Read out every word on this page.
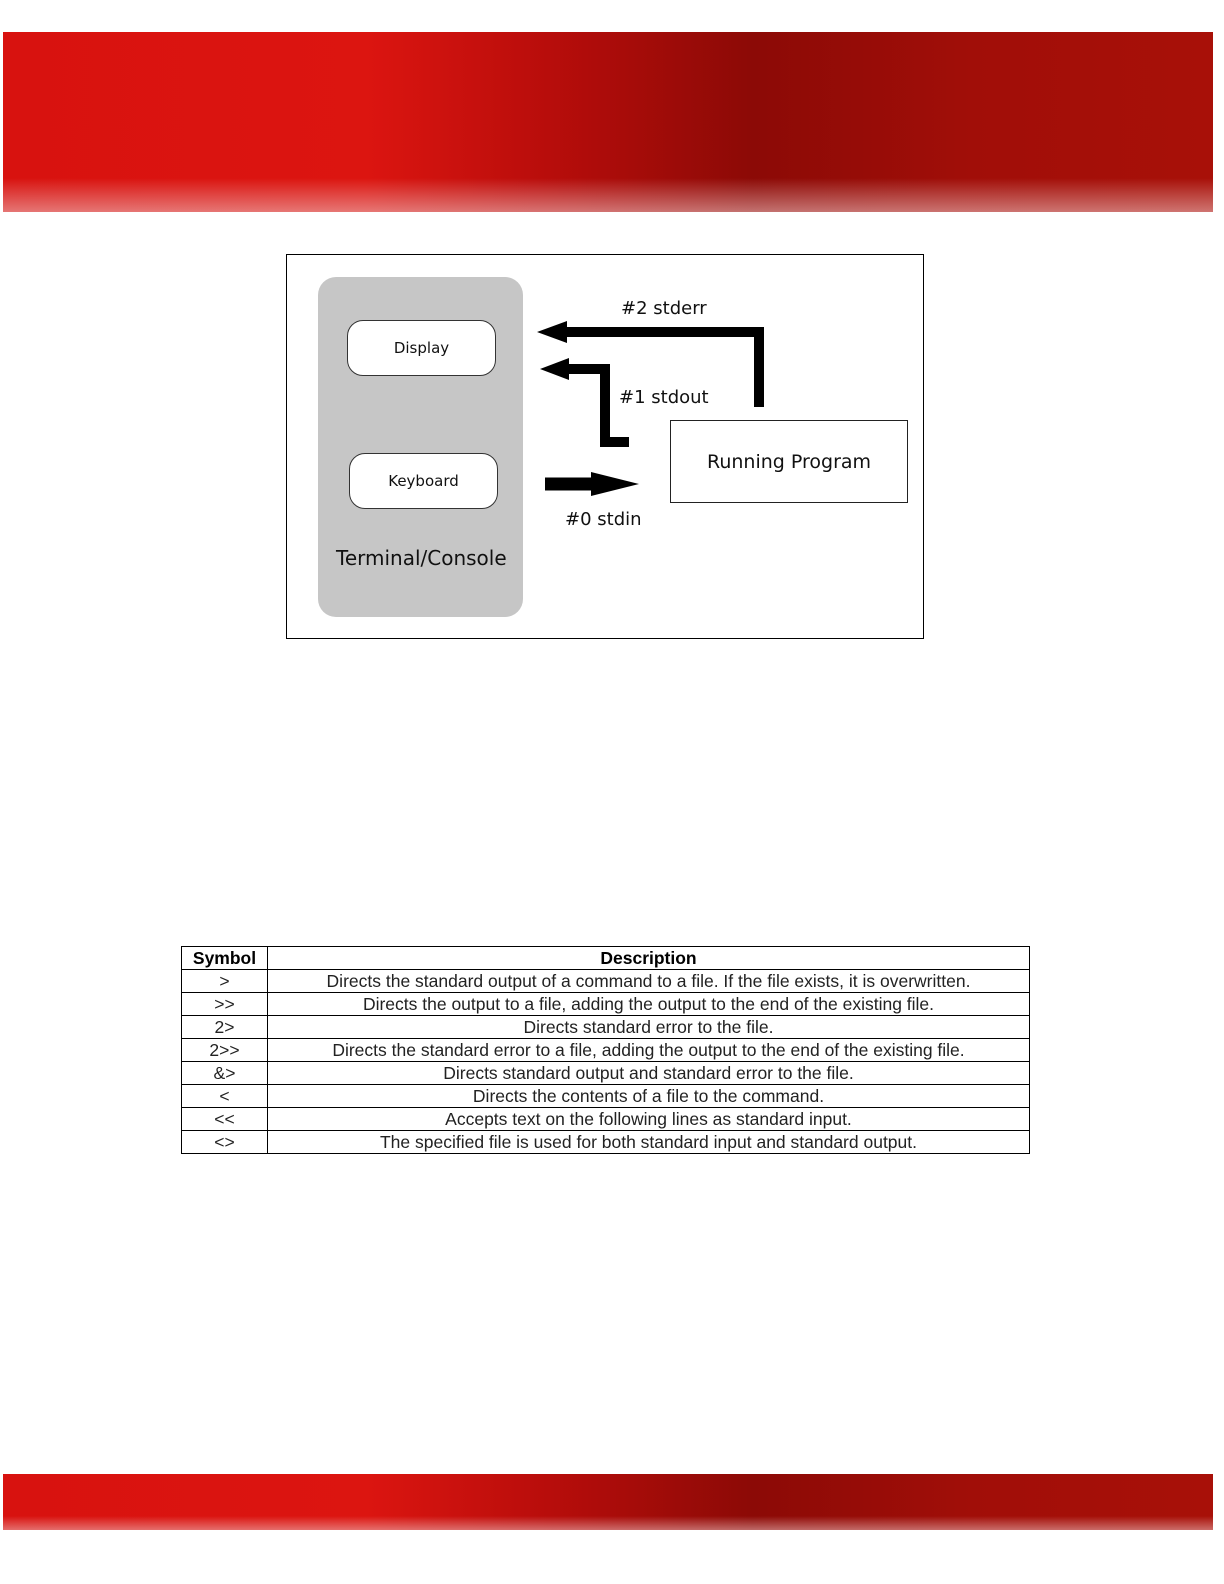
Display
Keyboard
Terminal/Console
Running Program
#2 stderr
#1 stdout
#0 stdin
Symbol	Description
>	Directs the standard output of a command to a file. If the file exists, it is overwritten.
>>	Directs the output to a file, adding the output to the end of the existing file.
2>	Directs standard error to the file.
2>>	Directs the standard error to a file, adding the output to the end of the existing file.
&>	Directs standard output and standard error to the file.
<	Directs the contents of a file to the command.
<<	Accepts text on the following lines as standard input.
<>	The specified file is used for both standard input and standard output.
